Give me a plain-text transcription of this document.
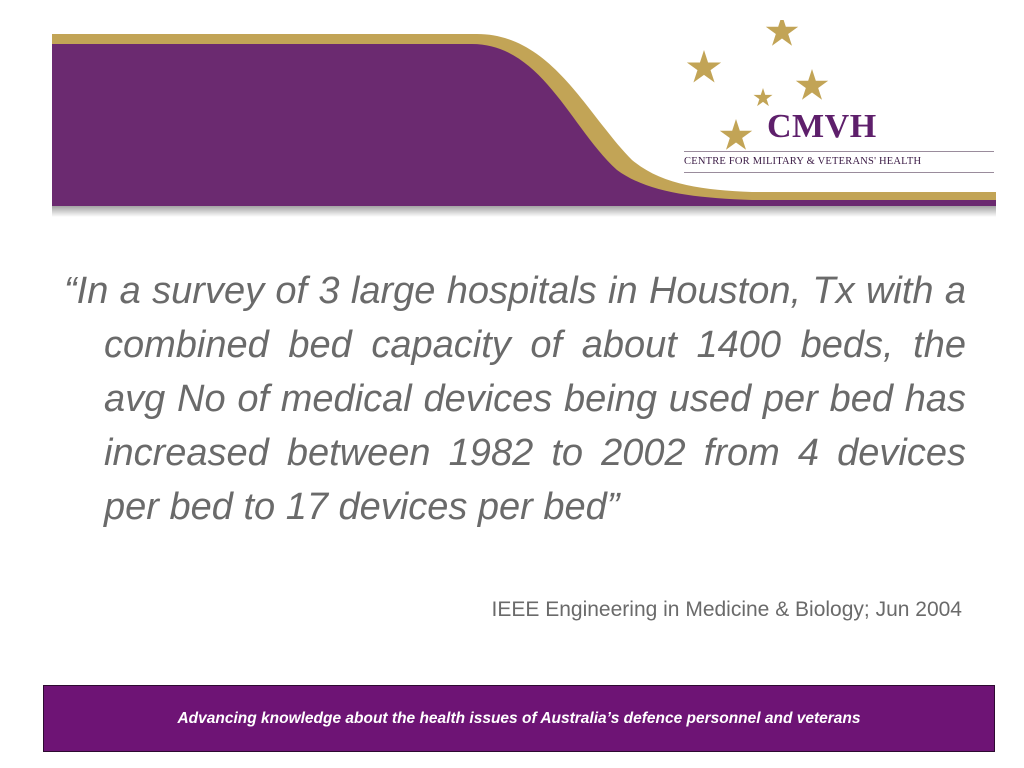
CMVH
CENTRE FOR MILITARY & VETERANS' HEALTH

“In a survey of 3 large hospitals in Houston, Tx with a combined bed capacity of about 1400 beds, the avg No of medical devices being used per bed has increased between 1982 to 2002 from 4 devices per bed to 17 devices per bed”

IEEE Engineering in Medicine & Biology; Jun 2004

Advancing knowledge about the health issues of Australia’s defence personnel and veterans
